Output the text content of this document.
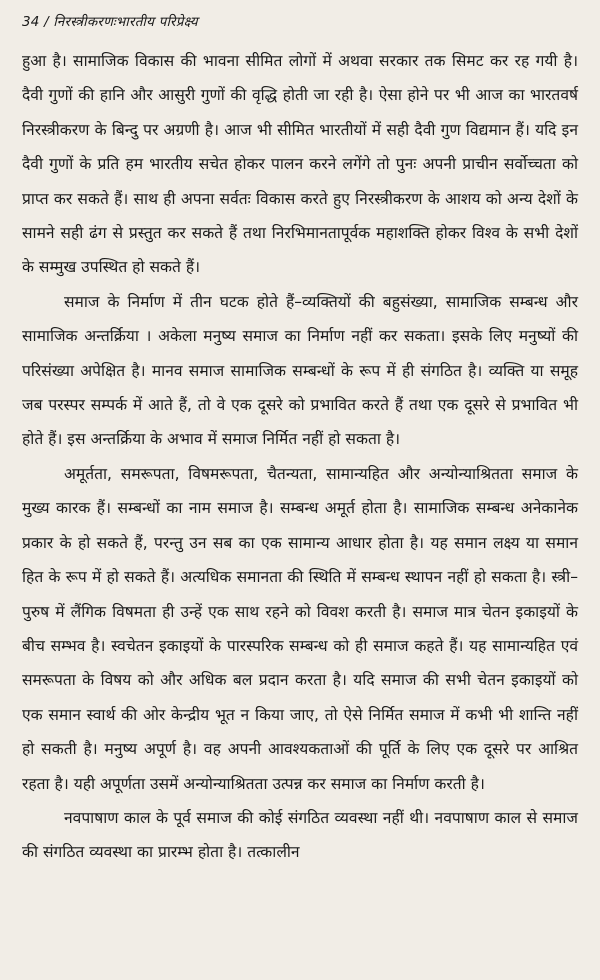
34 / निरस्त्रीकरणःभारतीय परिप्रेक्ष्य

हुआ है। सामाजिक विकास की भावना सीमित लोगों में अथवा सरकार तक सिमट कर रह गयी है। दैवी गुणों की हानि और आसुरी गुणों की वृद्धि होती जा रही है। ऐसा होने पर भी आज का भारतवर्ष निरस्त्रीकरण के बिन्दु पर अग्रणी है। आज भी सीमित भारतीयों में सही दैवी गुण विद्यमान हैं। यदि इन दैवी गुणों के प्रति हम भारतीय सचेत होकर पालन करने लगेंगे तो पुनः अपनी प्राचीन सर्वोच्चता को प्राप्त कर सकते हैं। साथ ही अपना सर्वतः विकास करते हुए निरस्त्रीकरण के आशय को अन्य देशों के सामने सही ढंग से प्रस्तुत कर सकते हैं तथा निरभिमानतापूर्वक महाशक्ति होकर विश्व के सभी देशों के सम्मुख उपस्थित हो सकते हैं।

समाज के निर्माण में तीन घटक होते हैं–व्यक्तियों की बहुसंख्या, सामाजिक सम्बन्ध और सामाजिक अन्तर्क्रिया । अकेला मनुष्य समाज का निर्माण नहीं कर सकता। इसके लिए मनुष्यों की परिसंख्या अपेक्षित है। मानव समाज सामाजिक सम्बन्धों के रूप में ही संगठित है। व्यक्ति या समूह जब परस्पर सम्पर्क में आते हैं, तो वे एक दूसरे को प्रभावित करते हैं तथा एक दूसरे से प्रभावित भी होते हैं। इस अन्तर्क्रिया के अभाव में समाज निर्मित नहीं हो सकता है।

अमूर्तता, समरूपता, विषमरूपता, चैतन्यता, सामान्यहित और अन्योन्याश्रितता समाज के मुख्य कारक हैं। सम्बन्धों का नाम समाज है। सम्बन्ध अमूर्त होता है। सामाजिक सम्बन्ध अनेकानेक प्रकार के हो सकते हैं, परन्तु उन सब का एक सामान्य आधार होता है। यह समान लक्ष्य या समान हित के रूप में हो सकते हैं। अत्यधिक समानता की स्थिति में सम्बन्ध स्थापन नहीं हो सकता है। स्त्री–पुरुष में लैंगिक विषमता ही उन्हें एक साथ रहने को विवश करती है। समाज मात्र चेतन इकाइयों के बीच सम्भव है। स्वचेतन इकाइयों के पारस्परिक सम्बन्ध को ही समाज कहते हैं। यह सामान्यहित एवं समरूपता के विषय को और अधिक बल प्रदान करता है। यदि समाज की सभी चेतन इकाइयों को एक समान स्वार्थ की ओर केन्द्रीय भूत न किया जाए, तो ऐसे निर्मित समाज में कभी भी शान्ति नहीं हो सकती है। मनुष्य अपूर्ण है। वह अपनी आवश्यकताओं की पूर्ति के लिए एक दूसरे पर आश्रित रहता है। यही अपूर्णता उसमें अन्योन्याश्रितता उत्पन्न कर समाज का निर्माण करती है।

नवपाषाण काल के पूर्व समाज की कोई संगठित व्यवस्था नहीं थी। नवपाषाण काल से समाज की संगठित व्यवस्था का प्रारम्भ होता है। तत्कालीन
